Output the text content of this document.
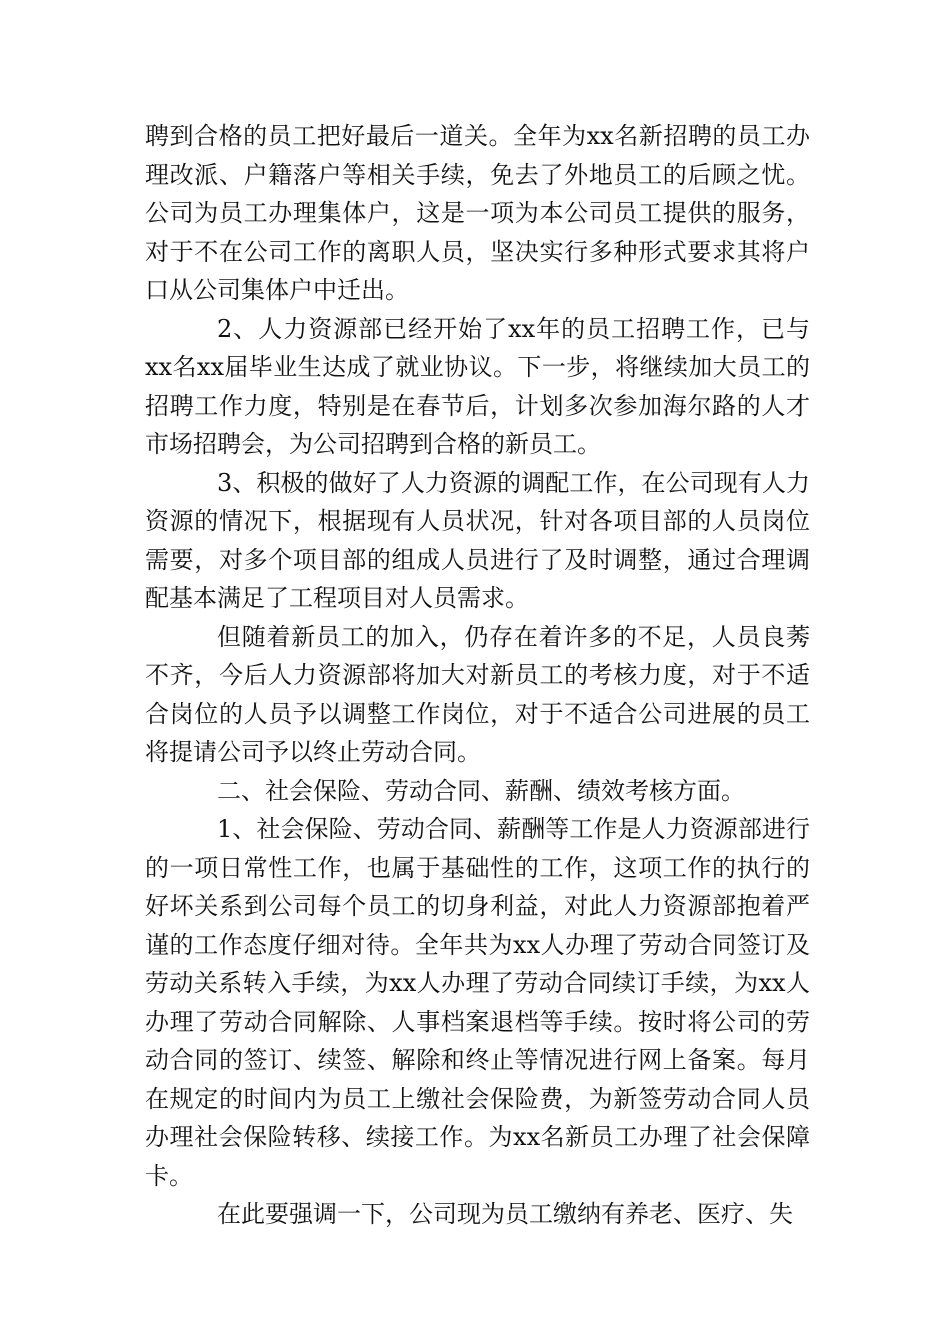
聘到合格的员工把好最后一道关。全年为xx名新招聘的员工办理改派、户籍落户等相关手续，免去了外地员工的后顾之忧。公司为员工办理集体户，这是一项为本公司员工提供的服务，对于不在公司工作的离职人员，坚决实行多种形式要求其将户口从公司集体户中迁出。

2、人力资源部已经开始了xx年的员工招聘工作，已与xx名xx届毕业生达成了就业协议。下一步，将继续加大员工的招聘工作力度，特别是在春节后，计划多次参加海尔路的人才市场招聘会，为公司招聘到合格的新员工。

3、积极的做好了人力资源的调配工作，在公司现有人力资源的情况下，根据现有人员状况，针对各项目部的人员岗位需要，对多个项目部的组成人员进行了及时调整，通过合理调配基本满足了工程项目对人员需求。

但随着新员工的加入，仍存在着许多的不足，人员良莠不齐，今后人力资源部将加大对新员工的考核力度，对于不适合岗位的人员予以调整工作岗位，对于不适合公司进展的员工将提请公司予以终止劳动合同。

二、社会保险、劳动合同、薪酬、绩效考核方面。

1、社会保险、劳动合同、薪酬等工作是人力资源部进行的一项日常性工作，也属于基础性的工作，这项工作的执行的好坏关系到公司每个员工的切身利益，对此人力资源部抱着严谨的工作态度仔细对待。全年共为xx人办理了劳动合同签订及劳动关系转入手续，为xx人办理了劳动合同续订手续，为xx人办理了劳动合同解除、人事档案退档等手续。按时将公司的劳动合同的签订、续签、解除和终止等情况进行网上备案。每月在规定的时间内为员工上缴社会保险费，为新签劳动合同人员办理社会保险转移、续接工作。为xx名新员工办理了社会保障卡。

在此要强调一下，公司现为员工缴纳有养老、医疗、失
